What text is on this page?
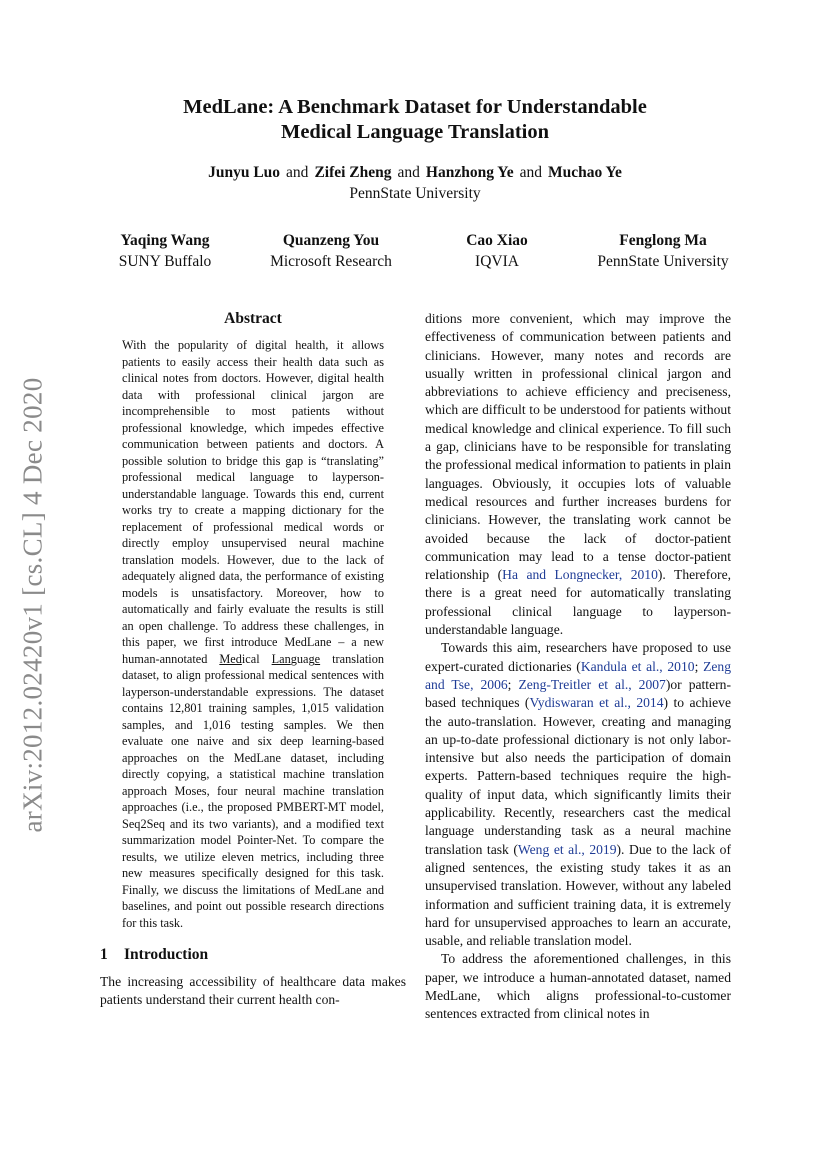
arXiv:2012.02420v1 [cs.CL] 4 Dec 2020
MedLane: A Benchmark Dataset for Understandable
Medical Language Translation
Junyu Luo and Zifei Zheng and Hanzhong Ye and Muchao Ye
PennState University
Yaqing Wang
SUNY Buffalo
Quanzeng You
Microsoft Research
Cao Xiao
IQVIA
Fenglong Ma
PennState University
Abstract
With the popularity of digital health, it allows patients to easily access their health data such as clinical notes from doctors. However, digital health data with professional clinical jargon are incomprehensible to most patients without professional knowledge, which impedes effective communication between patients and doctors. A possible solution to bridge this gap is “translating” professional medical language to layperson-understandable language. Towards this end, current works try to create a mapping dictionary for the replacement of professional medical words or directly employ unsupervised neural machine translation models. However, due to the lack of adequately aligned data, the performance of existing models is unsatisfactory. Moreover, how to automatically and fairly evaluate the results is still an open challenge. To address these challenges, in this paper, we first introduce MedLane – a new human-annotated Medical Language translation dataset, to align professional medical sentences with layperson-understandable expressions. The dataset contains 12,801 training samples, 1,015 validation samples, and 1,016 testing samples. We then evaluate one naive and six deep learning-based approaches on the MedLane dataset, including directly copying, a statistical machine translation approach Moses, four neural machine translation approaches (i.e., the proposed PMBERT-MT model, Seq2Seq and its two variants), and a modified text summarization model Pointer-Net. To compare the results, we utilize eleven metrics, including three new measures specifically designed for this task. Finally, we discuss the limitations of MedLane and baselines, and point out possible research directions for this task.
1 Introduction

The increasing accessibility of healthcare data makes patients understand their current health con-

ditions more convenient, which may improve the effectiveness of communication between patients and clinicians. However, many notes and records are usually written in professional clinical jargon and abbreviations to achieve efficiency and preciseness, which are difficult to be understood for patients without medical knowledge and clinical experience. To fill such a gap, clinicians have to be responsible for translating the professional medical information to patients in plain languages. Obviously, it occupies lots of valuable medical resources and further increases burdens for clinicians. However, the translating work cannot be avoided because the lack of doctor-patient communication may lead to a tense doctor-patient relationship (Ha and Longnecker, 2010). Therefore, there is a great need for automatically translating professional clinical language to layperson-understandable language.

Towards this aim, researchers have proposed to use expert-curated dictionaries (Kandula et al., 2010; Zeng and Tse, 2006; Zeng-Treitler et al., 2007)or pattern-based techniques (Vydiswaran et al., 2014) to achieve the auto-translation. However, creating and managing an up-to-date professional dictionary is not only labor-intensive but also needs the participation of domain experts. Pattern-based techniques require the high-quality of input data, which significantly limits their applicability. Recently, researchers cast the medical language understanding task as a neural machine translation task (Weng et al., 2019). Due to the lack of aligned sentences, the existing study takes it as an unsupervised translation. However, without any labeled information and sufficient training data, it is extremely hard for unsupervised approaches to learn an accurate, usable, and reliable translation model.

To address the aforementioned challenges, in this paper, we introduce a human-annotated dataset, named MedLane, which aligns professional-to-customer sentences extracted from clinical notes in
